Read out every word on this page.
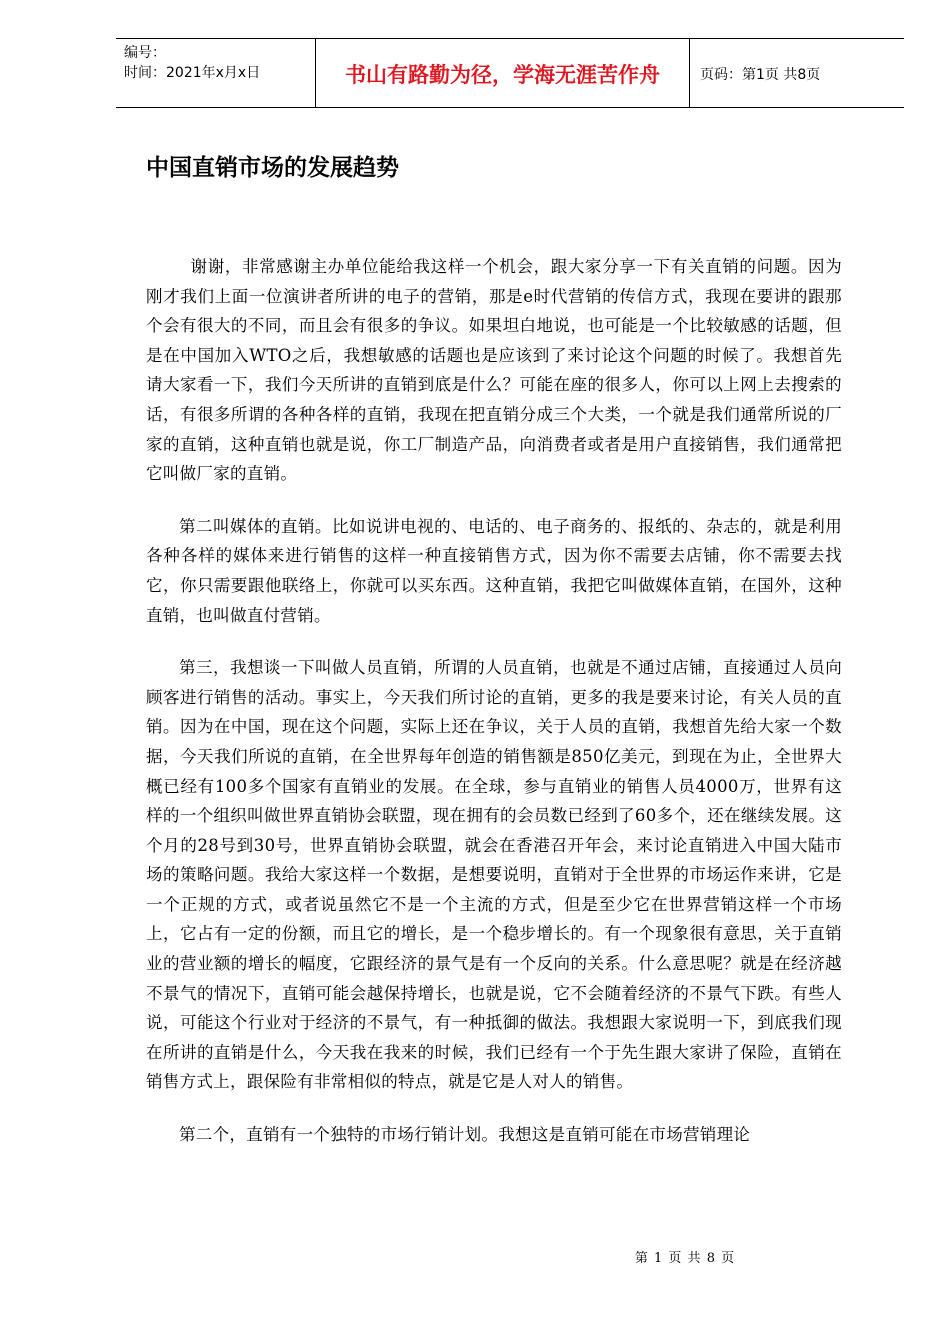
编号：
时间：2021年x月x日	书山有路勤为径，学海无涯苦作舟	页码：第1页 共8页
中国直销市场的发展趋势

谢谢，非常感谢主办单位能给我这样一个机会，跟大家分享一下有关直销的问题。因为刚才我们上面一位演讲者所讲的电子的营销，那是e时代营销的传信方式，我现在要讲的跟那个会有很大的不同，而且会有很多的争议。如果坦白地说，也可能是一个比较敏感的话题，但是在中国加入WTO之后，我想敏感的话题也是应该到了来讨论这个问题的时候了。我想首先请大家看一下，我们今天所讲的直销到底是什么？可能在座的很多人，你可以上网上去搜索的话，有很多所谓的各种各样的直销，我现在把直销分成三个大类，一个就是我们通常所说的厂家的直销，这种直销也就是说，你工厂制造产品，向消费者或者是用户直接销售，我们通常把它叫做厂家的直销。

第二叫媒体的直销。比如说讲电视的、电话的、电子商务的、报纸的、杂志的，就是利用各种各样的媒体来进行销售的这样一种直接销售方式，因为你不需要去店铺，你不需要去找它，你只需要跟他联络上，你就可以买东西。这种直销，我把它叫做媒体直销，在国外，这种直销，也叫做直付营销。

第三，我想谈一下叫做人员直销，所谓的人员直销，也就是不通过店铺，直接通过人员向顾客进行销售的活动。事实上，今天我们所讨论的直销，更多的我是要来讨论，有关人员的直销。因为在中国，现在这个问题，实际上还在争议，关于人员的直销，我想首先给大家一个数据，今天我们所说的直销，在全世界每年创造的销售额是850亿美元，到现在为止，全世界大概已经有100多个国家有直销业的发展。在全球，参与直销业的销售人员4000万，世界有这样的一个组织叫做世界直销协会联盟，现在拥有的会员数已经到了60多个，还在继续发展。这个月的28号到30号，世界直销协会联盟，就会在香港召开年会，来讨论直销进入中国大陆市场的策略问题。我给大家这样一个数据，是想要说明，直销对于全世界的市场运作来讲，它是一个正规的方式，或者说虽然它不是一个主流的方式，但是至少它在世界营销这样一个市场上，它占有一定的份额，而且它的增长，是一个稳步增长的。有一个现象很有意思，关于直销业的营业额的增长的幅度，它跟经济的景气是有一个反向的关系。什么意思呢？就是在经济越不景气的情况下，直销可能会越保持增长，也就是说，它不会随着经济的不景气下跌。有些人说，可能这个行业对于经济的不景气，有一种抵御的做法。我想跟大家说明一下，到底我们现在所讲的直销是什么，今天我在我来的时候，我们已经有一个于先生跟大家讲了保险，直销在销售方式上，跟保险有非常相似的特点，就是它是人对人的销售。

第二个，直销有一个独特的市场行销计划。我想这是直销可能在市场营销理论

第 1 页 共 8 页
